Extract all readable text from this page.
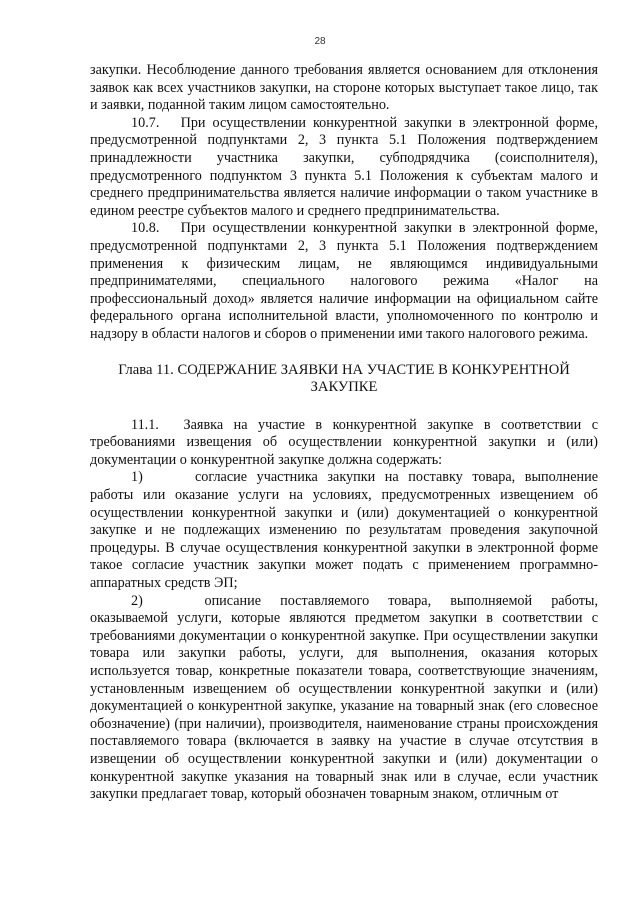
28

закупки. Несоблюдение данного требования является основанием для отклонения заявок как всех участников закупки, на стороне которых выступает такое лицо, так и заявки, поданной таким лицом самостоятельно.

10.7.  При осуществлении конкурентной закупки в электронной форме, предусмотренной подпунктами 2, 3 пункта 5.1 Положения подтверждением принадлежности участника закупки, субподрядчика (соисполнителя), предусмотренного подпунктом 3 пункта 5.1 Положения к субъектам малого и среднего предпринимательства является наличие информации о таком участнике в едином реестре субъектов малого и среднего предпринимательства.

10.8.  При осуществлении конкурентной закупки в электронной форме, предусмотренной подпунктами 2, 3 пункта 5.1 Положения подтверждением применения к физическим лицам, не являющимся индивидуальными предпринимателями, специального налогового режима «Налог на профессиональный доход» является наличие информации на официальном сайте федерального органа исполнительной власти, уполномоченного по контролю и надзору в области налогов и сборов о применении ими такого налогового режима.

Глава 11. СОДЕРЖАНИЕ ЗАЯВКИ НА УЧАСТИЕ В КОНКУРЕНТНОЙ ЗАКУПКЕ

11.1.  Заявка на участие в конкурентной закупке в соответствии с требованиями извещения об осуществлении конкурентной закупки и (или) документации о конкурентной закупке должна содержать:

1)    согласие участника закупки на поставку товара, выполнение работы или оказание услуги на условиях, предусмотренных извещением об осуществлении конкурентной закупки и (или) документацией о конкурентной закупке и не подлежащих изменению по результатам проведения закупочной процедуры. В случае осуществления конкурентной закупки в электронной форме такое согласие участник закупки может подать с применением программно-аппаратных средств ЭП;

2)    описание поставляемого товара, выполняемой работы, оказываемой услуги, которые являются предметом закупки в соответствии с требованиями документации о конкурентной закупке. При осуществлении закупки товара или закупки работы, услуги, для выполнения, оказания которых используется товар, конкретные показатели товара, соответствующие значениям, установленным извещением об осуществлении конкурентной закупки и (или) документацией о конкурентной закупке, указание на товарный знак (его словесное обозначение) (при наличии), производителя, наименование страны происхождения поставляемого товара (включается в заявку на участие в случае отсутствия в извещении об осуществлении конкурентной закупки и (или) документации о конкурентной закупке указания на товарный знак или в случае, если участник закупки предлагает товар, который обозначен товарным знаком, отличным от
